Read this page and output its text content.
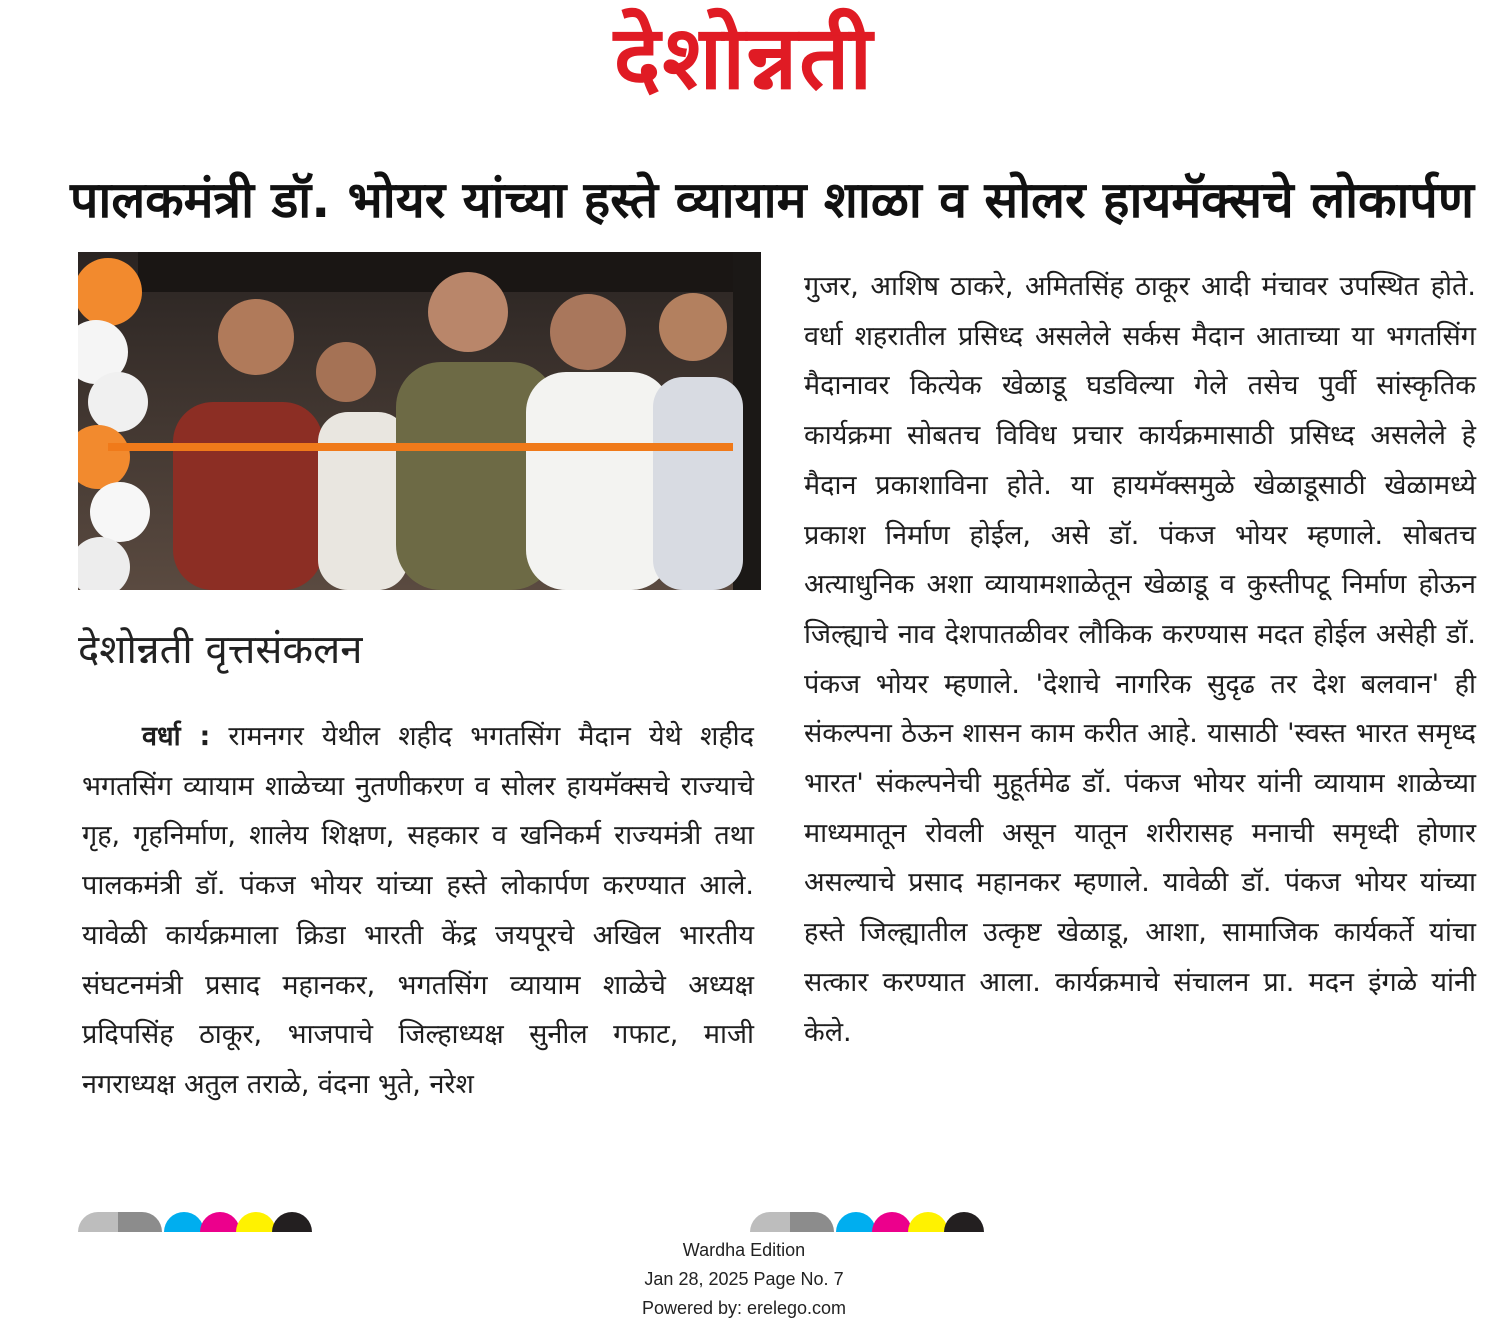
देशोन्नती
पालकमंत्री डॉ. भोयर यांच्या हस्ते व्यायाम शाळा व सोलर हायमॅक्सचे लोकार्पण
देशोन्नती वृत्तसंकलन

वर्धा : रामनगर येथील शहीद भगतसिंग मैदान येथे शहीद भगतसिंग व्यायाम शाळेच्या नुतणीकरण व सोलर हायमॅक्सचे राज्याचे गृह, गृहनिर्माण, शालेय शिक्षण, सहकार व खनिकर्म राज्यमंत्री तथा पालकमंत्री डॉ. पंकज भोयर यांच्या हस्ते लोकार्पण करण्यात आले. यावेळी कार्यक्रमाला क्रिडा भारती केंद्र जयपूरचे अखिल भारतीय संघटनमंत्री प्रसाद महानकर, भगतसिंग व्यायाम शाळेचे अध्यक्ष प्रदिपसिंह ठाकूर, भाजपाचे जिल्हाध्यक्ष सुनील गफाट, माजी नगराध्यक्ष अतुल तराळे, वंदना भुते, नरेश

गुजर, आशिष ठाकरे, अमितसिंह ठाकूर आदी मंचावर उपस्थित होते. वर्धा शहरातील प्रसिध्द असलेले सर्कस मैदान आताच्या या भगतसिंग मैदानावर कित्येक खेळाडू घडविल्या गेले तसेच पुर्वी सांस्कृतिक कार्यक्रमा सोबतच विविध प्रचार कार्यक्रमासाठी प्रसिध्द असलेले हे मैदान प्रकाशाविना होते. या हायमॅक्समुळे खेळाडूसाठी खेळामध्ये प्रकाश निर्माण होईल, असे डॉ. पंकज भोयर म्हणाले. सोबतच अत्याधुनिक अशा व्यायामशाळेतून खेळाडू व कुस्तीपटू निर्माण होऊन जिल्ह्याचे नाव देशपातळीवर लौकिक करण्यास मदत होईल असेही डॉ. पंकज भोयर म्हणाले. 'देशाचे नागरिक सुदृढ तर देश बलवान' ही संकल्पना ठेऊन शासन काम करीत आहे. यासाठी 'स्वस्त भारत समृध्द भारत' संकल्पनेची मुहूर्तमेढ डॉ. पंकज भोयर यांनी व्यायाम शाळेच्या माध्यमातून रोवली असून यातून शरीरासह मनाची समृध्दी होणार असल्याचे प्रसाद महानकर म्हणाले. यावेळी डॉ. पंकज भोयर यांच्या हस्ते जिल्ह्यातील उत्कृष्ट खेळाडू, आशा, सामाजिक कार्यकर्ते यांचा सत्कार करण्यात आला. कार्यक्रमाचे संचालन प्रा. मदन इंगळे यांनी केले.

Wardha Edition
Jan 28, 2025 Page No. 7
Powered by: erelego.com
